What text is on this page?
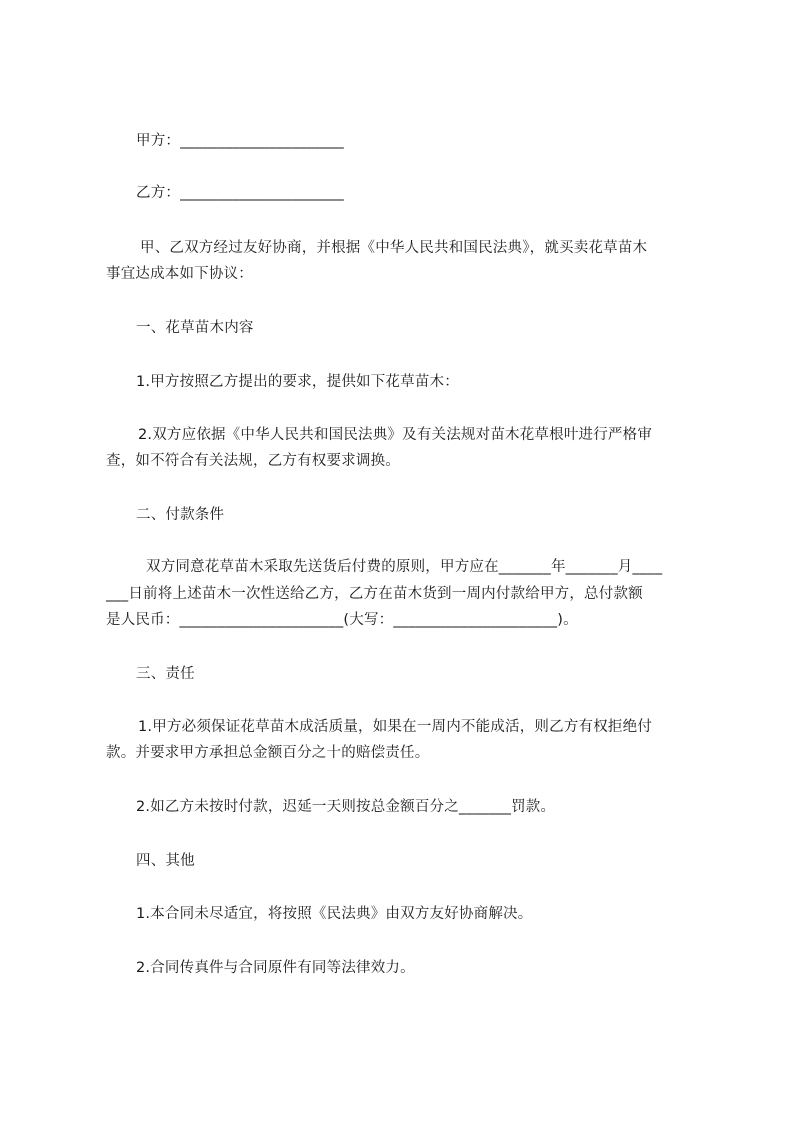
甲方：______________________
乙方：______________________
甲、乙双方经过友好协商，并根据《中华人民共和国民法典》，就买卖花草苗木
事宜达成本如下协议：
一、花草苗木内容
1.甲方按照乙方提出的要求，提供如下花草苗木：
2.双方应依据《中华人民共和国民法典》及有关法规对苗木花草根叶进行严格审
查，如不符合有关法规，乙方有权要求调换。
二、付款条件
双方同意花草苗木采取先送货后付费的原则，甲方应在_______年_______月____
___日前将上述苗木一次性送给乙方，乙方在苗木货到一周内付款给甲方，总付款额
是人民币：______________________(大写：______________________)。
三、责任
1.甲方必须保证花草苗木成活质量，如果在一周内不能成活，则乙方有权拒绝付
款。并要求甲方承担总金额百分之十的赔偿责任。
2.如乙方未按时付款，迟延一天则按总金额百分之_______罚款。
四、其他
1.本合同未尽适宜，将按照《民法典》由双方友好协商解决。
2.合同传真件与合同原件有同等法律效力。
